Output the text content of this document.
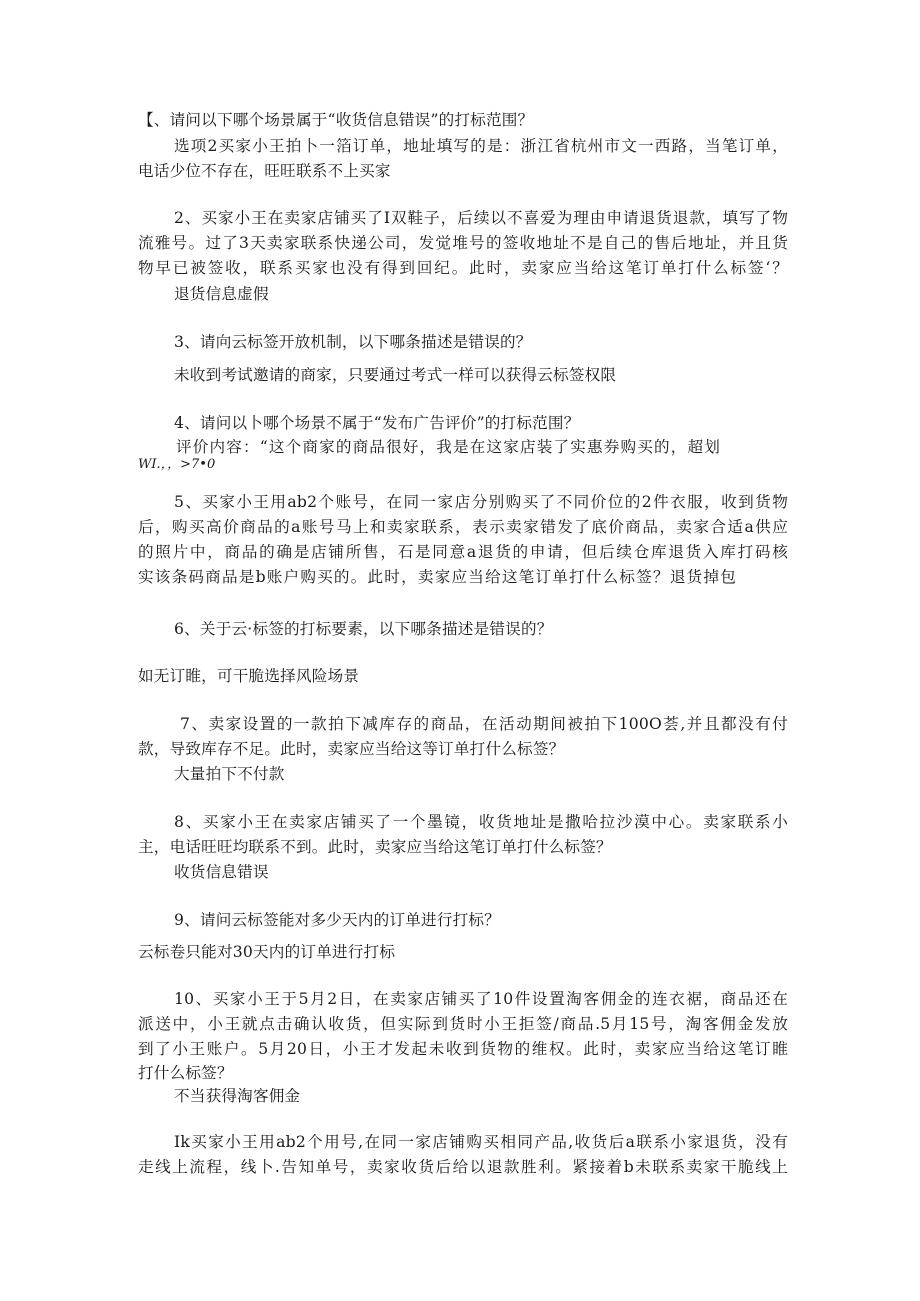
【、请问以下哪个场景属于“收货信息错误”的打标范围？
选项2买家小王拍卜一箔订单，地址填写的是：浙江省杭州市文一西路，当笔订单，
电话少位不存在，旺旺联系不上买家
2、买家小王在卖家店铺买了I双鞋子，后续以不喜爱为理由申请退货退款，填写了物
流雅号。过了3天卖家联系快递公司，发觉堆号的签收地址不是自己的售后地址，并且货
物早已被签收，联系买家也没有得到回纪。此时，卖家应当给这笔订单打什么标签‘？
退货信息虚假
3、请向云标签开放机制，以下哪条描述是错误的？
未收到考试邀请的商家，只要通过考式一样可以获得云标签权限
4、请问以卜哪个场景不属于“发布广告评价”的打标范围？
评价内容：“这个商家的商品很好，我是在这家店装了实惠券购买的，超划
WI.，，>7•0
5、买家小王用ab2个账号，在同一家店分别购买了不同价位的2件衣服，收到货物
后，购买高价商品的a账号马上和卖家联系，表示卖家错发了底价商品，卖家合适a供应
的照片中，商品的确是店铺所售，石是同意a退货的申请，但后续仓库退货入库打码核
实该条码商品是b账户购买的。此时，卖家应当给这笔订单打什么标签？退货掉包
6、关于云·标签的打标要素，以下哪条描述是错误的？
如无订睢，可干脆选择风险场景
7、卖家设置的一款拍下减库存的商品，在活动期间被拍下100O荟,并且都没有付
款，导致库存不足。此时，卖家应当给这等订单打什么标签？
大量拍下不付款
8、买家小王在卖家店铺买了一个墨镜，收货地址是撒哈拉沙漠中心。卖家联系小
主，电话旺旺均联系不到。此时，卖家应当给这笔订单打什么标签？
收货信息错误
9、请问云标签能对多少天内的订单进行打标？
云标卷只能对30天内的订单进行打标
10、买家小王于5月2日，在卖家店铺买了10件设置淘客佣金的连衣裾，商品还在
派送中，小王就点击确认收货，但实际到货时小王拒签/商品.5月15号，淘客佣金发放
到了小王账户。5月20日，小王才发起未收到货物的维权。此时，卖家应当给这笔订睢
打什么标签？
不当获得淘客佣金
Ik买家小王用ab2个用号,在同一家店铺购买相同产品,收货后a联系小家退货，没有
走线上流程，线卜.告知单号，卖家收货后给以退款胜利。紧接着b未联系卖家干脆线上
